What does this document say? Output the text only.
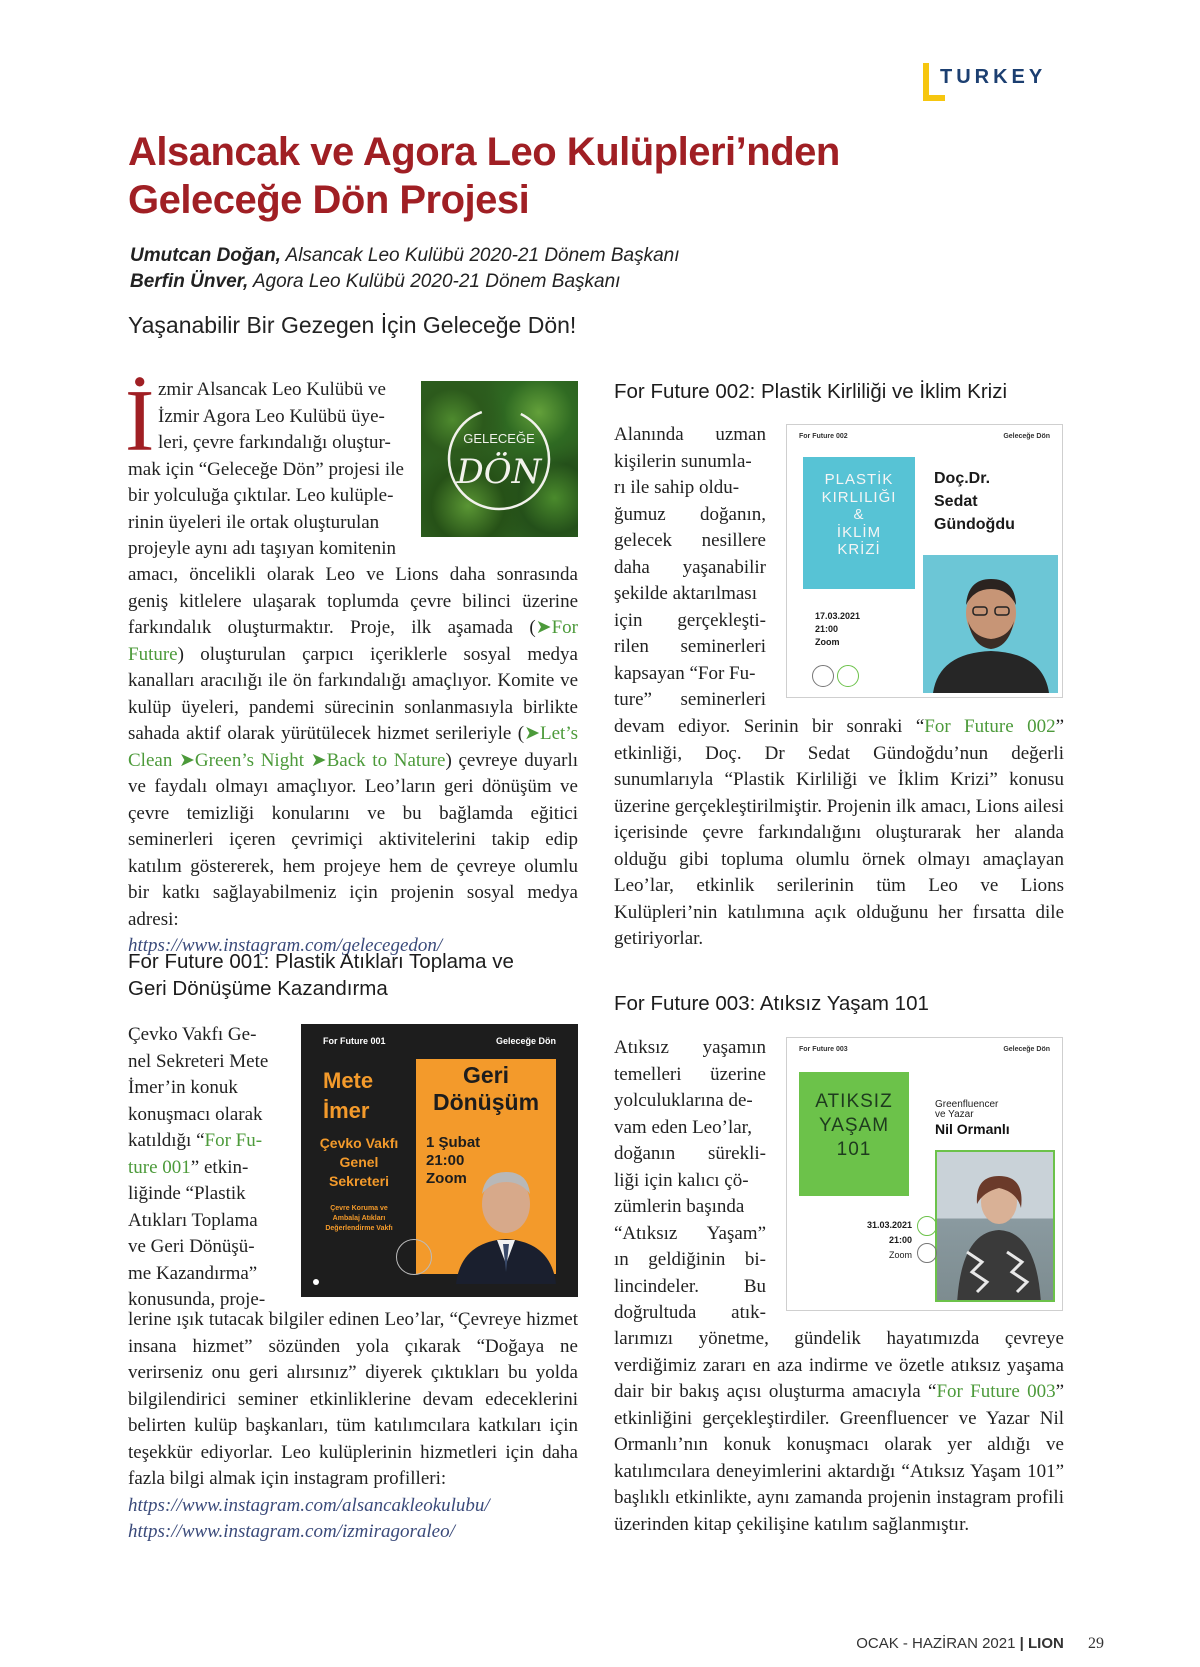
TURKEY
Alsancak ve Agora Leo Kulüpleri’nden
Geleceğe Dön Projesi
Umutcan Doğan, Alsancak Leo Kulübü 2020-21 Dönem Başkanı
Berfin Ünver, Agora Leo Kulübü 2020-21 Dönem Başkanı
Yaşanabilir Bir Gezegen İçin Geleceğe Dön!
İ zmir Alsancak Leo Kulübü ve
İzmir Agora Leo Kulübü üye-
leri, çevre farkındalığı oluştur-
mak için “Geleceğe Dön” projesi ile
bir yolculuğa çıktılar. Leo kulüple-
rinin üyeleri ile ortak oluşturulan
projeyle aynı adı taşıyan komitenin
GELECEĞE
DÖN

amacı, öncelikli olarak Leo ve Lions daha sonrasında geniş kitlelere ulaşarak toplumda çevre bilinci üzerine farkındalık oluşturmaktır. Proje, ilk aşamada (➤For Future) oluşturulan çarpıcı içeriklerle sosyal medya kanalları aracılığı ile ön farkındalığı amaçlıyor. Komite ve kulüp üyeleri, pandemi sürecinin sonlanmasıyla birlikte sahada aktif olarak yürütülecek hizmet serileriyle (➤Let’s Clean ➤Green’s Night ➤Back to Nature) çevreye duyarlı ve faydalı olmayı amaçlıyor. Leo’ların geri dönüşüm ve çevre temizliği konularını ve bu bağlamda eğitici seminerleri içeren çevrimiçi aktivitelerini takip edip katılım göstererek, hem projeye hem de çevreye olumlu bir katkı sağlayabilmeniz için projenin sosyal medya adresi:

https://www.instagram.com/gelecegedon/
For Future 001: Plastik Atıkları Toplama ve
Geri Dönüşüme Kazandırma
Çevko Vakfı Ge-
nel Sekreteri Mete
İmer’in konuk
konuşmacı olarak
katıldığı “For Fu-
ture 001” etkin-
liğinde “Plastik
Atıkları Toplama
ve Geri Dönüşü-
me Kazandırma”
konusunda, proje-
For Future 001	Geleceğe Dön
Mete
İmer
Çevko Vakfı
Genel
Sekreteri
Çevre Koruma ve
Ambalaj Atıkları
Değerlendirme Vakfı
Geri
Dönüşüm
1 Şubat
21:00
Zoom

lerine ışık tutacak bilgiler edinen Leo’lar, “Çevreye hizmet insana hizmet” sözünden yola çıkarak “Doğaya ne verirseniz onu geri alırsınız” diyerek çıktıkları bu yolda bilgilendirici seminer etkinliklerine devam edeceklerini belirten kulüp başkanları, tüm katılımcılara katkıları için teşekkür ediyorlar. Leo kulüplerinin hizmetleri için daha fazla bilgi almak için instagram profilleri:

https://www.instagram.com/alsancakleokulubu/
https://www.instagram.com/izmiragoraleo/
For Future 002: Plastik Kirliliği ve İklim Krizi
Alanında uzman
kişilerin sunumla-
rı ile sahip oldu-
ğumuz doğanın,
gelecek nesillere
daha yaşanabilir
şekilde aktarılması
için gerçekleşti-
rilen seminerleri
kapsayan “For Fu-
ture” seminerleri
For Future 002	Geleceğe Dön
PLASTİK
KIRLILIĞI
&
İKLİM
KRİZİ
Doç.Dr.
Sedat
Gündoğdu
17.03.2021
21:00
Zoom

devam ediyor. Serinin bir sonraki “For Future 002” etkinliği, Doç. Dr Sedat Gündoğdu’nun değerli sunumlarıyla “Plastik Kirliliği ve İklim Krizi” konusu üzerine gerçekleştirilmiştir. Projenin ilk amacı, Lions ailesi içerisinde çevre farkındalığını oluşturarak her alanda olduğu gibi topluma olumlu örnek olmayı amaçlayan Leo’lar, etkinlik serilerinin tüm Leo ve Lions Kulüpleri’nin katılımına açık olduğunu her fırsatta dile getiriyorlar.

For Future 003: Atıksız Yaşam 101
Atıksız yaşamın
temelleri üzerine
yolculuklarına de-
vam eden Leo’lar,
doğanın sürekli-
liği için kalıcı çö-
zümlerin başında
“Atıksız Yaşam”
ın geldiğinin bi-
lincindeler. Bu
doğrultuda atık-
For Future 003	Geleceğe Dön
ATIKSIZ
YAŞAM
101
Greenfluencer
ve Yazar
Nil Ormanlı
31.03.2021
21:00
Zoom

larımızı yönetme, gündelik hayatımızda çevreye verdiğimiz zararı en aza indirme ve özetle atıksız yaşama dair bir bakış açısı oluşturma amacıyla “For Future 003” etkinliğini gerçekleştirdiler. Greenfluencer ve Yazar Nil Ormanlı’nın konuk konuşmacı olarak yer aldığı ve katılımcılara deneyimlerini aktardığı “Atıksız Yaşam 101” başlıklı etkinlikte, aynı zamanda projenin instagram profili üzerinden kitap çekilişine katılım sağlanmıştır.

OCAK - HAZİRAN 2021 | LION 29
